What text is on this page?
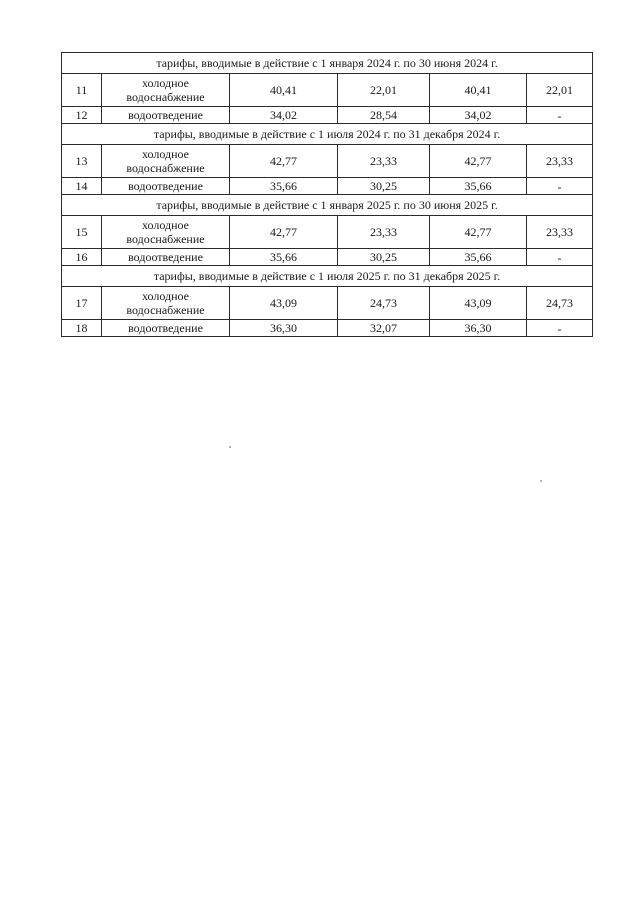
тарифы, вводимые в действие с 1 января 2024 г. по 30 июня 2024 г.					
11	холодное водоснабжение	40,41	22,01	40,41	22,01
12	водоотведение	34,02	28,54	34,02	-
тарифы, вводимые в действие с 1 июля 2024 г. по 31 декабря 2024 г.					
13	холодное водоснабжение	42,77	23,33	42,77	23,33
14	водоотведение	35,66	30,25	35,66	-
тарифы, вводимые в действие с 1 января 2025 г. по 30 июня 2025 г.					
15	холодное водоснабжение	42,77	23,33	42,77	23,33
16	водоотведение	35,66	30,25	35,66	-
тарифы, вводимые в действие с 1 июля 2025 г. по 31 декабря 2025 г.					
17	холодное водоснабжение	43,09	24,73	43,09	24,73
18	водоотведение	36,30	32,07	36,30	-
